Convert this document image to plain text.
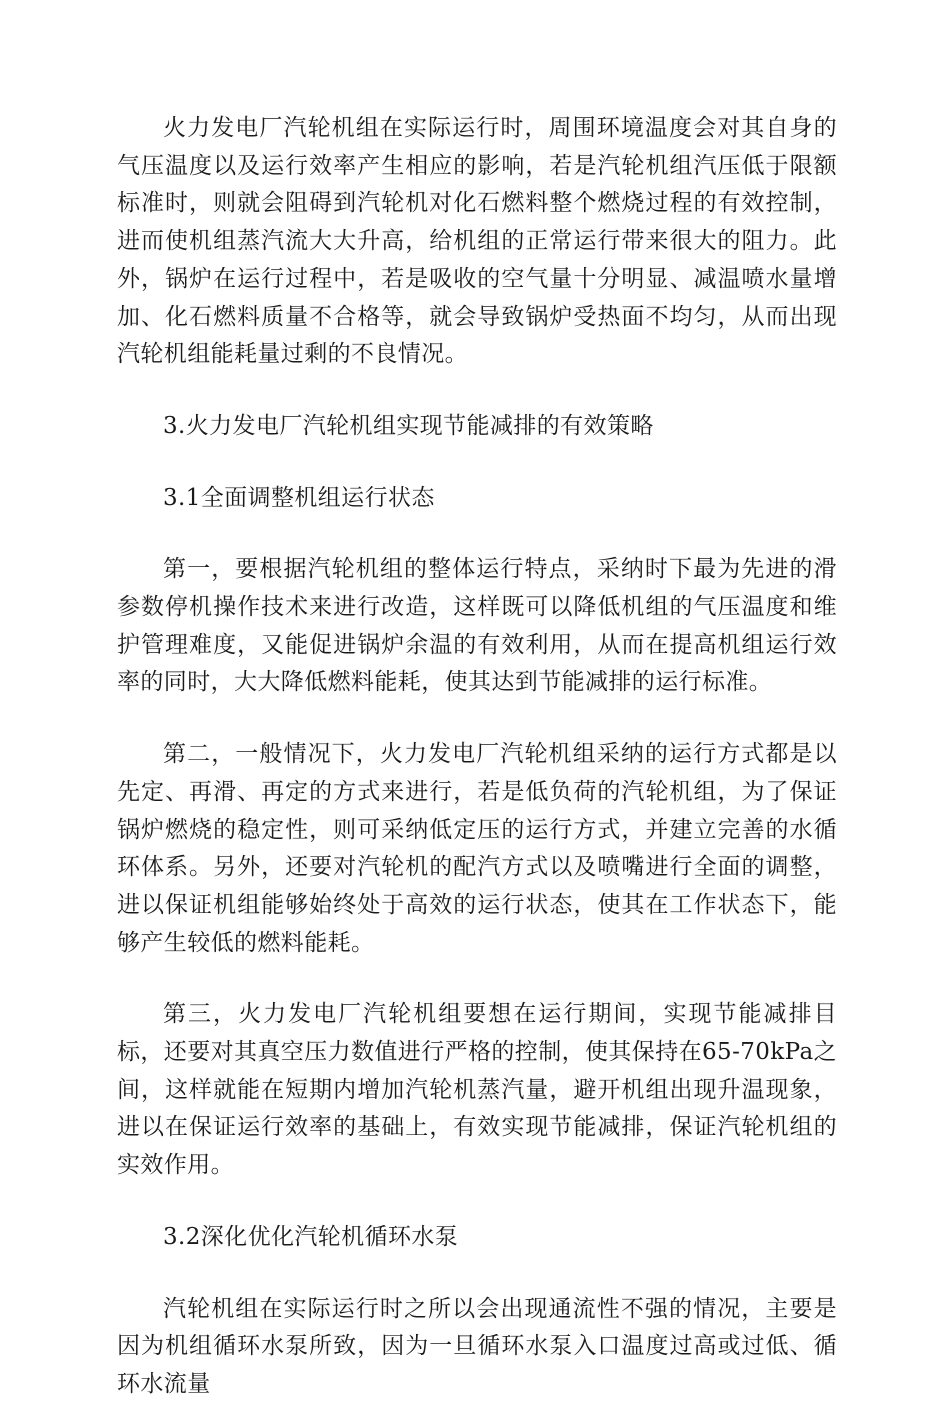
火力发电厂汽轮机组在实际运行时，周围环境温度会对其自身的气压温度以及运行效率产生相应的影响，若是汽轮机组汽压低于限额标准时，则就会阻碍到汽轮机对化石燃料整个燃烧过程的有效控制，进而使机组蒸汽流大大升高，给机组的正常运行带来很大的阻力。此外，锅炉在运行过程中，若是吸收的空气量十分明显、减温喷水量增加、化石燃料质量不合格等，就会导致锅炉受热面不均匀，从而出现汽轮机组能耗量过剩的不良情况。

3.火力发电厂汽轮机组实现节能减排的有效策略

3.1全面调整机组运行状态

第一，要根据汽轮机组的整体运行特点，采纳时下最为先进的滑参数停机操作技术来进行改造，这样既可以降低机组的气压温度和维护管理难度，又能促进锅炉余温的有效利用，从而在提高机组运行效率的同时，大大降低燃料能耗，使其达到节能减排的运行标准。

第二，一般情况下，火力发电厂汽轮机组采纳的运行方式都是以先定、再滑、再定的方式来进行，若是低负荷的汽轮机组，为了保证锅炉燃烧的稳定性，则可采纳低定压的运行方式，并建立完善的水循环体系。另外，还要对汽轮机的配汽方式以及喷嘴进行全面的调整，进以保证机组能够始终处于高效的运行状态，使其在工作状态下，能够产生较低的燃料能耗。

第三，火力发电厂汽轮机组要想在运行期间，实现节能减排目标，还要对其真空压力数值进行严格的控制，使其保持在65-70kPa之间，这样就能在短期内增加汽轮机蒸汽量，避开机组出现升温现象，进以在保证运行效率的基础上，有效实现节能减排，保证汽轮机组的实效作用。

3.2深化优化汽轮机循环水泵

汽轮机组在实际运行时之所以会出现通流性不强的情况，主要是因为机组循环水泵所致，因为一旦循环水泵入口温度过高或过低、循环水流量
